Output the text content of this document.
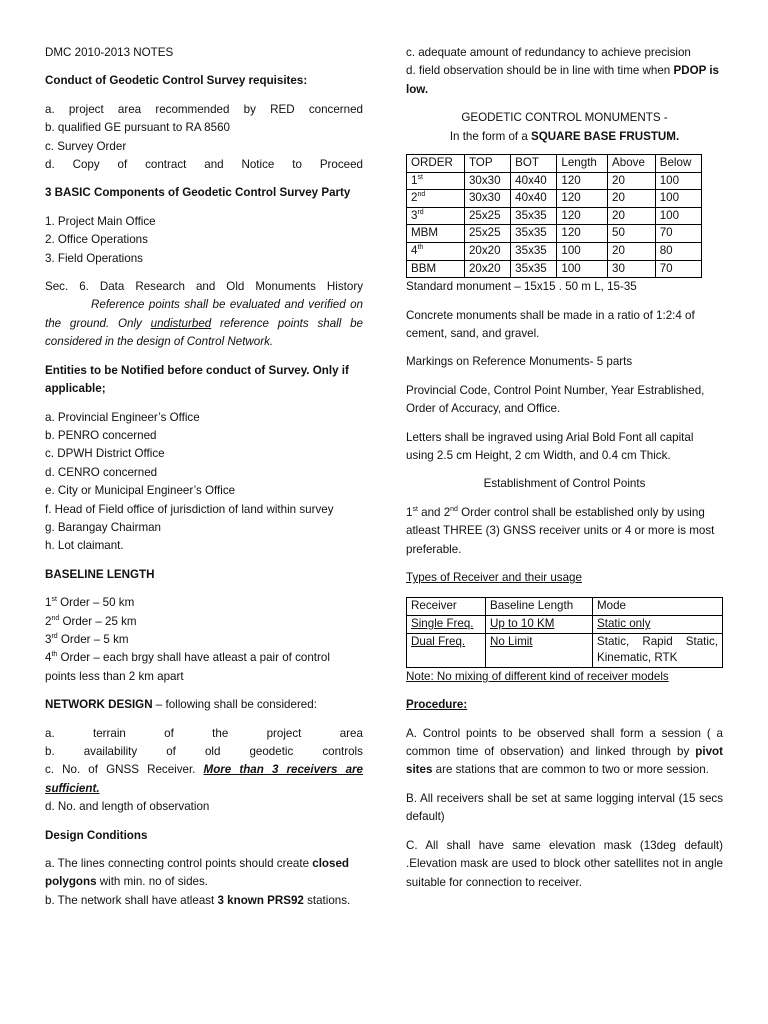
DMC 2010-2013 NOTES

Conduct of Geodetic Control Survey requisites:

a. project area recommended by RED concerned
b. qualified GE pursuant to RA 8560
c. Survey Order
d. Copy of contract and Notice to Proceed

3 BASIC Components of Geodetic Control Survey Party

1. Project Main Office
2. Office Operations
3. Field Operations
Sec. 6. Data Research and Old Monuments History
Reference points shall be evaluated and verified on the ground. Only undisturbed reference points shall be considered in the design of Control Network.

Entities to be Notified before conduct of Survey. Only if applicable;

a. Provincial Engineer’s Office
b. PENRO concerned
c. DPWH District Office
d. CENRO concerned
e. City or Municipal Engineer’s Office
f. Head of Field office of jurisdiction of land within survey
g. Barangay Chairman
h. Lot claimant.

BASELINE LENGTH

1st Order – 50 km
2nd Order – 25 km
3rd Order – 5 km
4th Order – each brgy shall have atleast a pair of control points less than 2 km apart

NETWORK DESIGN – following shall be considered:

a.	terrain	of	the	project	area
b.	availability	of	old	geodetic	controls
c. No. of GNSS Receiver. More than 3 receivers are sufficient.
d. No. and length of observation

Design Conditions

a. The lines connecting control points should create closed polygons with min. no of sides.
b. The network shall have atleast 3 known PRS92 stations.
c. adequate amount of redundancy to achieve precision
d. field observation should be in line with time when PDOP is low.
GEODETIC CONTROL MONUMENTS -
In the form of a SQUARE BASE FRUSTUM.
ORDER	TOP	BOT	Length	Above	Below
1st	30x30	40x40	120	20	100
2nd	30x30	40x40	120	20	100
3rd	25x25	35x35	120	20	100
MBM	25x25	35x35	120	50	70
4th	20x20	35x35	100	20	80
BBM	20x20	35x35	100	30	70

Standard monument – 15x15 . 50 m L, 15-35

Concrete monuments shall be made in a ratio of 1:2:4 of cement, sand, and gravel.

Markings on Reference Monuments- 5 parts

Provincial Code, Control Point Number, Year Estrablished, Order of Accuracy, and Office.

Letters shall be ingraved using Arial Bold Font all capital using 2.5 cm Height, 2 cm Width, and 0.4 cm Thick.

Establishment of Control Points

1st and 2nd Order control shall be established only by using atleast THREE (3) GNSS receiver units or 4 or more is most preferable.

Types of Receiver and their usage

Receiver	Baseline Length	Mode
Single Freq.	Up to 10 KM	Static only
Dual Freq.	No Limit	Static, Rapid Static, Kinematic, RTK

Note: No mixing of different kind of receiver models

Procedure:

A. Control points to be observed shall form a session ( a common time of observation) and linked through by pivot sites are stations that are common to two or more session.

B. All receivers shall be set at same logging interval (15 secs default)

C. All shall have same elevation mask (13deg default) .Elevation mask are used to block other satellites not in angle suitable for connection to receiver.
